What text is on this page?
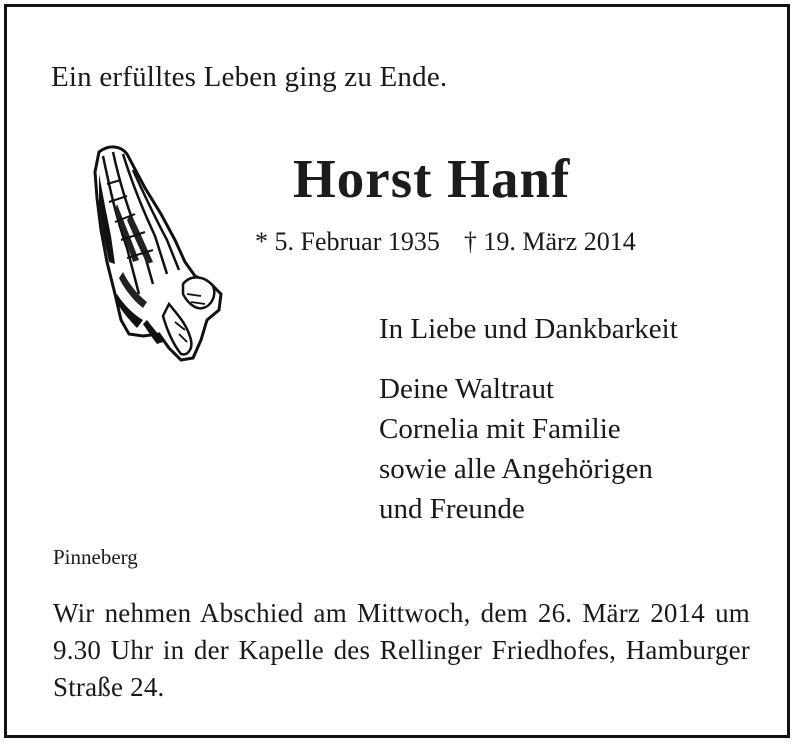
Ein erfülltes Leben ging zu Ende.
Horst Hanf
* 5. Februar 1935 † 19. März 2014
In Liebe und Dankbarkeit
Deine Waltraut
Cornelia mit Familie
sowie alle Angehörigen
und Freunde
Pinneberg
Wir nehmen Abschied am Mittwoch, dem 26. März 2014 um 9.30 Uhr in der Kapelle des Rellinger Friedhofes, Hamburger Straße 24.
